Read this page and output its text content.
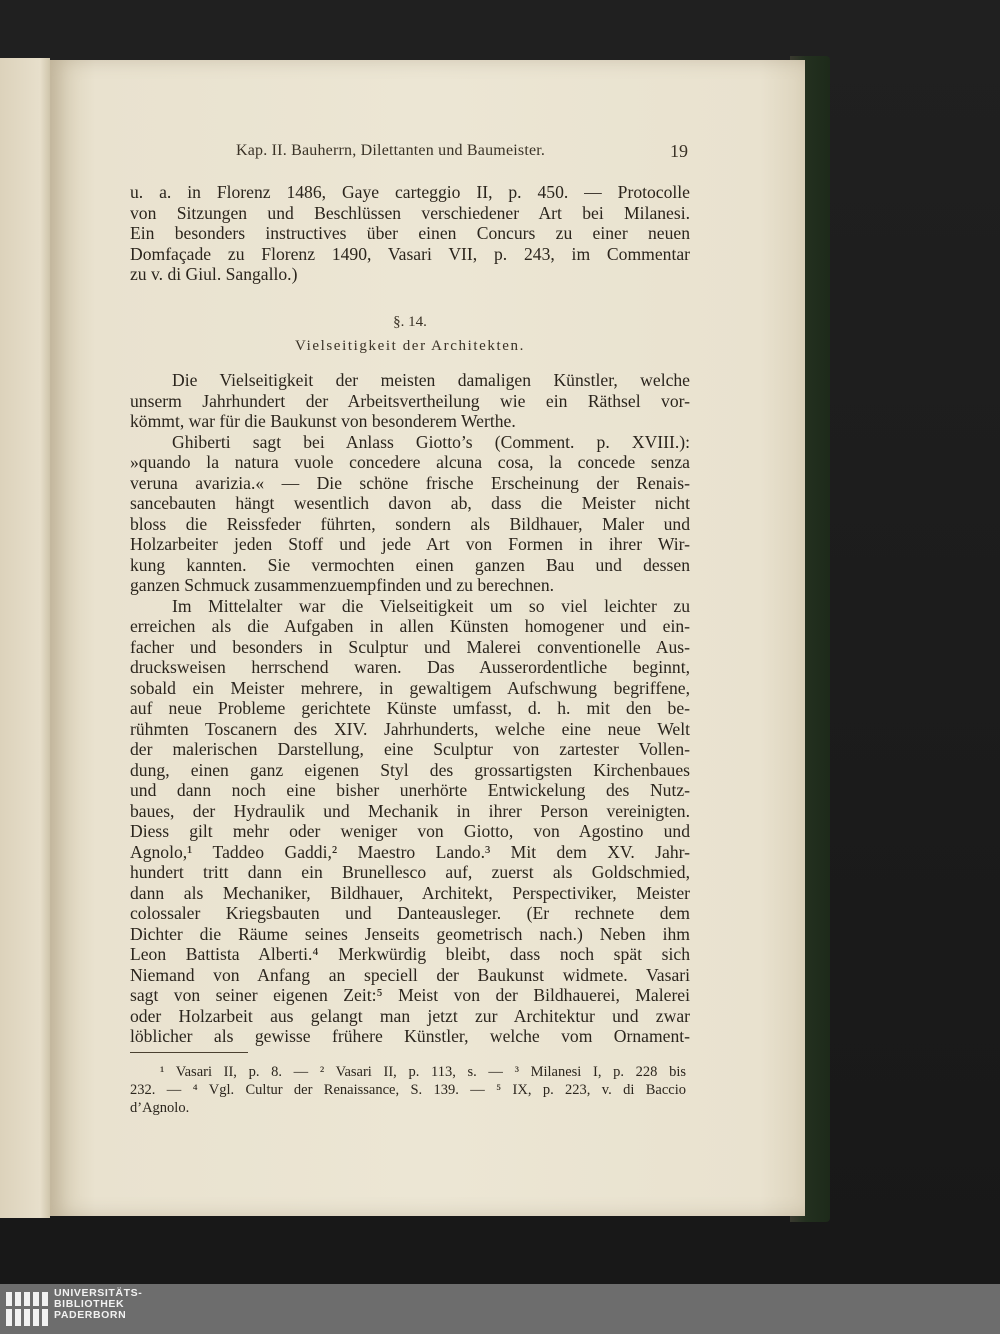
Kap. II. Bauherrn, Dilettanten und Baumeister.	19
u. a. in Florenz 1486, Gaye carteggio II, p. 450. — Protocolle
von Sitzungen und Beschlüssen verschiedener Art bei Milanesi.
Ein besonders instructives über einen Concurs zu einer neuen
Domfaçade zu Florenz 1490, Vasari VII, p. 243, im Commentar
zu v. di Giul. Sangallo.)
§. 14.
Vielseitigkeit der Architekten.
Die Vielseitigkeit der meisten damaligen Künstler, welche
unserm Jahrhundert der Arbeitsvertheilung wie ein Räthsel vor-
kömmt, war für die Baukunst von besonderem Werthe.
Ghiberti sagt bei Anlass Giotto’s (Comment. p. XVIII.):
»quando la natura vuole concedere alcuna cosa, la concede senza
veruna avarizia.« — Die schöne frische Erscheinung der Renais-
sancebauten hängt wesentlich davon ab, dass die Meister nicht
bloss die Reissfeder führten, sondern als Bildhauer, Maler und
Holzarbeiter jeden Stoff und jede Art von Formen in ihrer Wir-
kung kannten. Sie vermochten einen ganzen Bau und dessen
ganzen Schmuck zusammenzuempfinden und zu berechnen.
Im Mittelalter war die Vielseitigkeit um so viel leichter zu
erreichen als die Aufgaben in allen Künsten homogener und ein-
facher und besonders in Sculptur und Malerei conventionelle Aus-
drucksweisen herrschend waren. Das Ausserordentliche beginnt,
sobald ein Meister mehrere, in gewaltigem Aufschwung begriffene,
auf neue Probleme gerichtete Künste umfasst, d. h. mit den be-
rühmten Toscanern des XIV. Jahrhunderts, welche eine neue Welt
der malerischen Darstellung, eine Sculptur von zartester Vollen-
dung, einen ganz eigenen Styl des grossartigsten Kirchenbaues
und dann noch eine bisher unerhörte Entwickelung des Nutz-
baues, der Hydraulik und Mechanik in ihrer Person vereinigten.
Diess gilt mehr oder weniger von Giotto, von Agostino und
Agnolo,¹ Taddeo Gaddi,² Maestro Lando.³ Mit dem XV. Jahr-
hundert tritt dann ein Brunellesco auf, zuerst als Goldschmied,
dann als Mechaniker, Bildhauer, Architekt, Perspectiviker, Meister
colossaler Kriegsbauten und Danteausleger. (Er rechnete dem
Dichter die Räume seines Jenseits geometrisch nach.) Neben ihm
Leon Battista Alberti.⁴ Merkwürdig bleibt, dass noch spät sich
Niemand von Anfang an speciell der Baukunst widmete. Vasari
sagt von seiner eigenen Zeit:⁵ Meist von der Bildhauerei, Malerei
oder Holzarbeit aus gelangt man jetzt zur Architektur und zwar
löblicher als gewisse frühere Künstler, welche vom Ornament-
¹ Vasari II, p. 8. — ² Vasari II, p. 113, s. — ³ Milanesi I, p. 228 bis
232. — ⁴ Vgl. Cultur der Renaissance, S. 139. — ⁵ IX, p. 223, v. di Baccio
d’Agnolo.
UNIVERSITÄTS-
BIBLIOTHEK
PADERBORN
